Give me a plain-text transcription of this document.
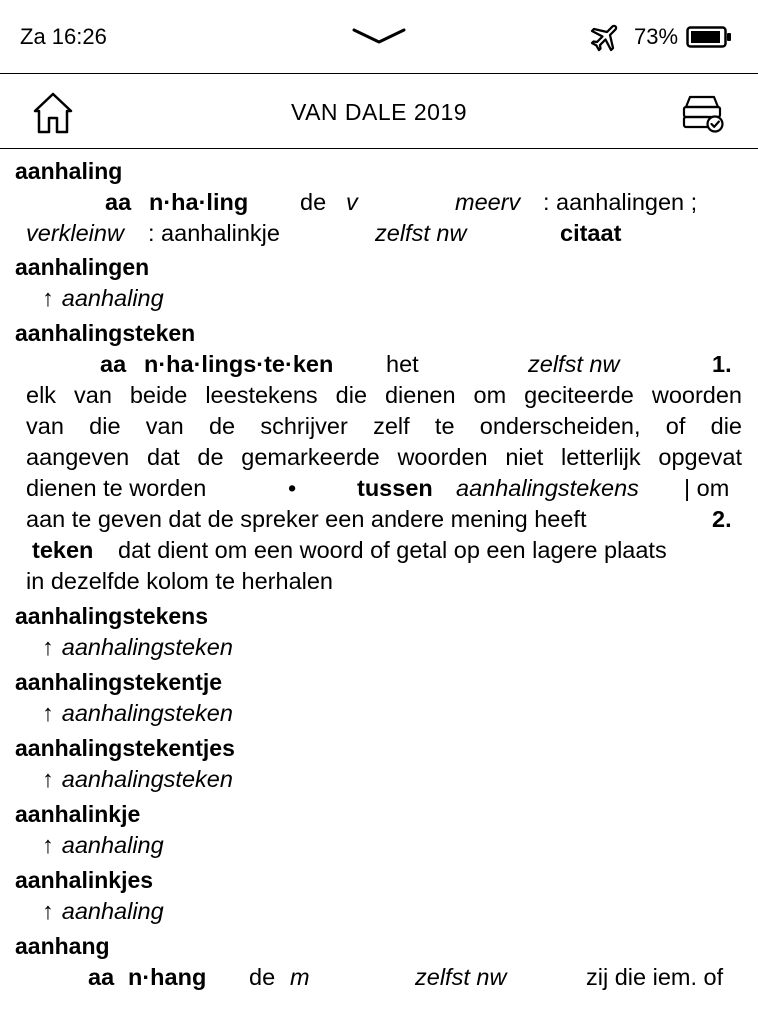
Za 16:26	73%
VAN DALE 2019
aanhaling
aa n·ha·ling de v	meerv : aanhalingen ;
verkleinw : aanhalinkje	zelfst nw	citaat
aanhalingen
↑ aanhaling
aanhalingsteken
aa n·ha·lings·te·ken het	zelfst nw	1.
elk van beide leestekens die dienen om geciteerde woorden
van die van de schrijver zelf te onderscheiden, of die
aangeven dat de gemarkeerde woorden niet letterlijk opgevat
dienen te worden	•	tussen aanhalingstekens | om
aan te geven dat de spreker een andere mening heeft	2.
teken dat dient om een woord of getal op een lagere plaats
in dezelfde kolom te herhalen
aanhalingstekens
↑ aanhalingsteken
aanhalingstekentje
↑ aanhalingsteken
aanhalingstekentjes
↑ aanhalingsteken
aanhalinkje
↑ aanhaling
aanhalinkjes
↑ aanhaling
aanhang
aa n·hang de m	zelfst nw	zij die iem. of
